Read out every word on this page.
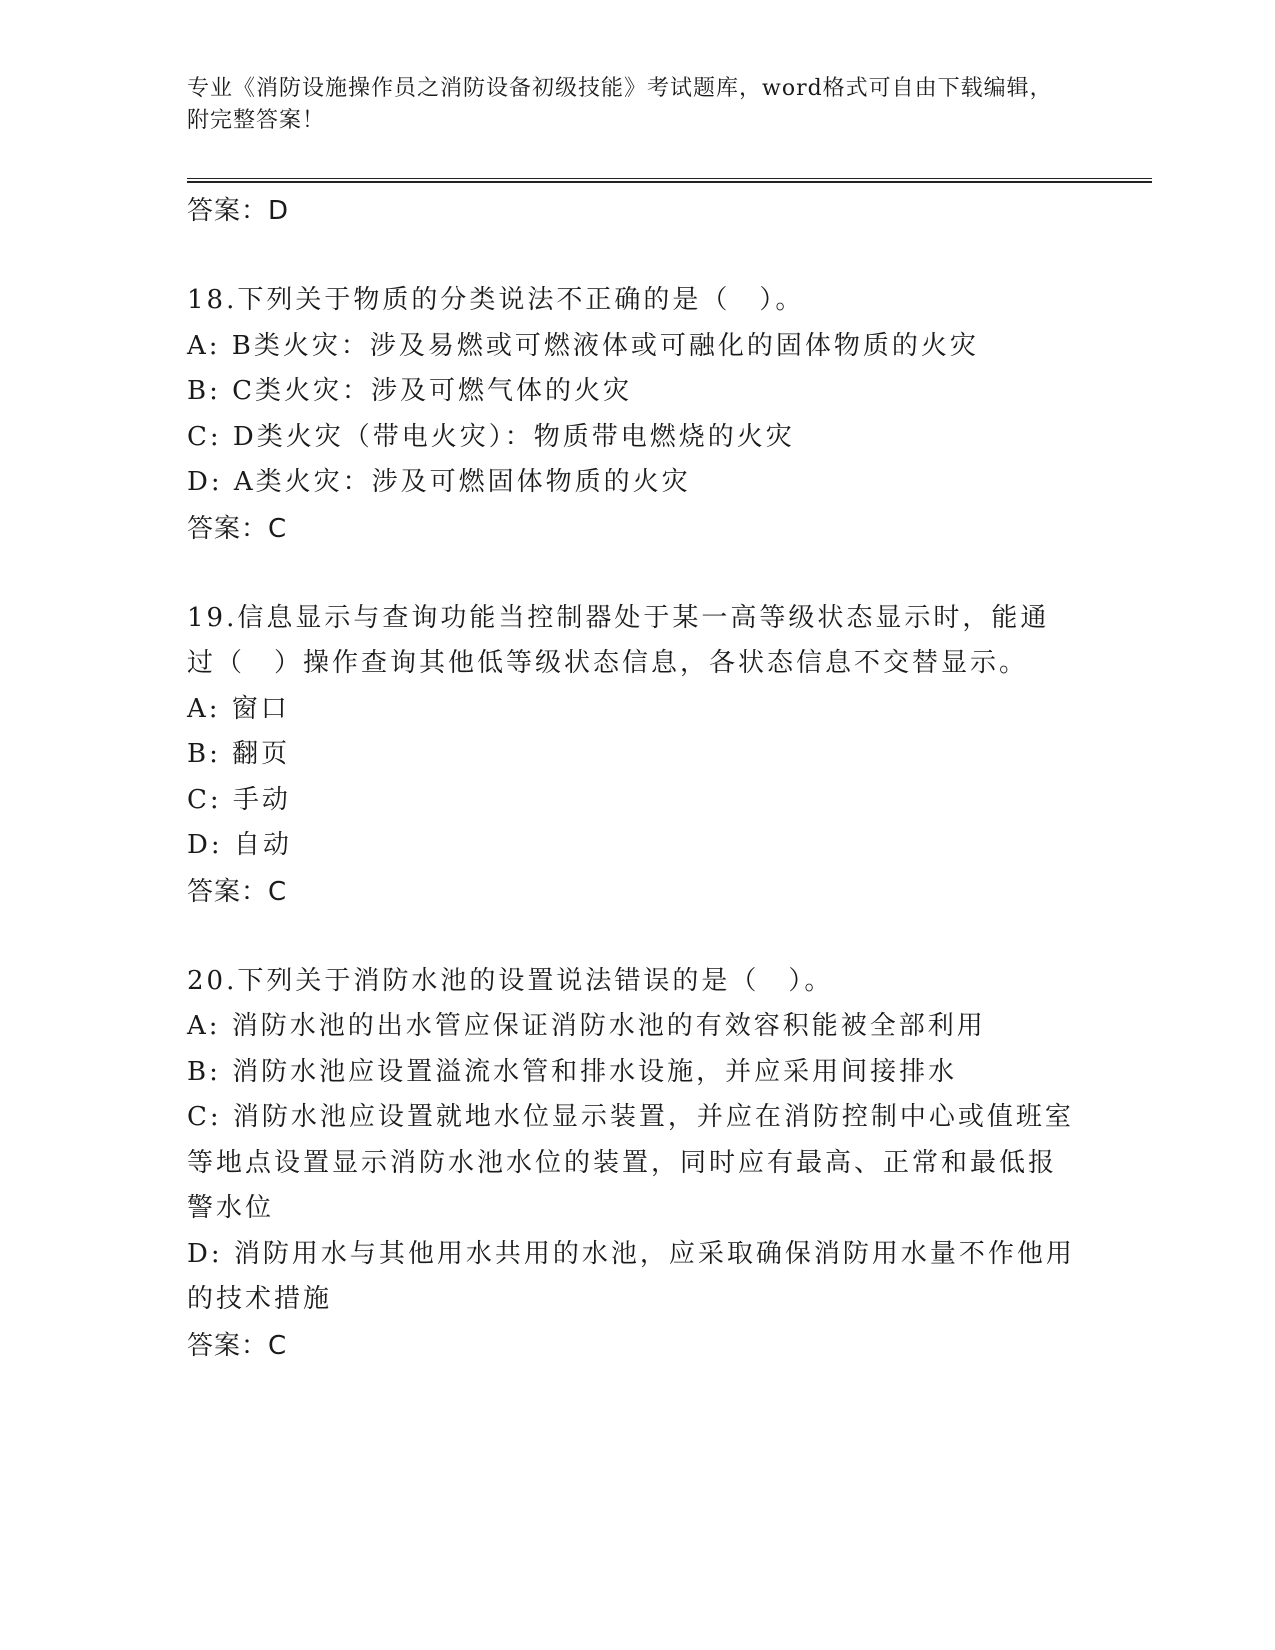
专业《消防设施操作员之消防设备初级技能》考试题库，word格式可自由下载编辑，附完整答案！
答案：D
18.下列关于物质的分类说法不正确的是（　）。
A: B类火灾：涉及易燃或可燃液体或可融化的固体物质的火灾
B: C类火灾：涉及可燃气体的火灾
C: D类火灾（带电火灾）：物质带电燃烧的火灾
D: A类火灾：涉及可燃固体物质的火灾
答案：C
19.信息显示与查询功能当控制器处于某一高等级状态显示时，能通过（　）操作查询其他低等级状态信息，各状态信息不交替显示。
A: 窗口
B: 翻页
C: 手动
D: 自动
答案：C
20.下列关于消防水池的设置说法错误的是（　）。
A: 消防水池的出水管应保证消防水池的有效容积能被全部利用
B: 消防水池应设置溢流水管和排水设施，并应采用间接排水
C: 消防水池应设置就地水位显示装置，并应在消防控制中心或值班室等地点设置显示消防水池水位的装置，同时应有最高、正常和最低报警水位
D: 消防用水与其他用水共用的水池，应采取确保消防用水量不作他用的技术措施
答案：C
